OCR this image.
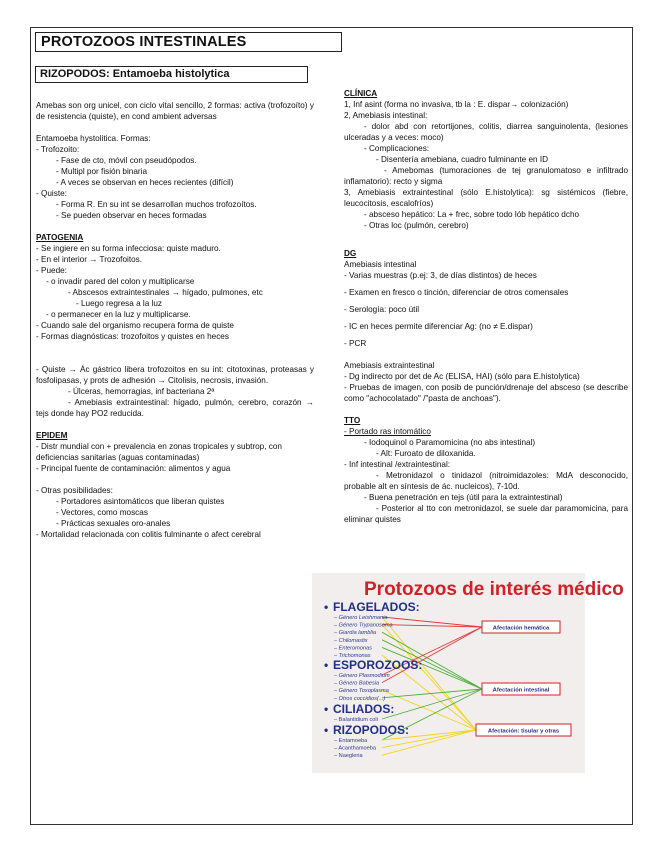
PROTOZOOS INTESTINALES
RIZOPODOS: Entamoeba histolytica

Amebas son org unicel, con ciclo vital sencillo, 2 formas: activa (trofozoíto) y de resistencia (quiste), en cond ambient adversas

Entamoeba hystolitica. Formas:

- Trofozoito:

- Fase de cto, móvil con pseudópodos.

- Multipl por fisión binaria

- A veces se observan en heces recientes (difícil)

- Quiste:

- Forma R. En su int se desarrollan muchos trofozoítos.

- Se pueden observar en heces formadas

PATOGENIA

- Se ingiere en su forma infecciosa: quiste maduro.

- En el interior → Trozofoitos.

- Puede:

- o invadir pared del colon y multiplicarse

- Abscesos extraintestinales → hígado, pulmones, etc

- Luego regresa a la luz

- o permanecer en la luz y multiplicarse.

- Cuando sale del organismo recupera forma de quiste

- Formas diagnósticas: trozofoitos y quistes en heces

- Quiste → Ác gástrico libera trofozoitos en su int: citotoxinas, proteasas y fosfolipasas, y prots de adhesión → Citolisis, necrosis, invasión.

- Úlceras, hemorragias, inf bacteriana 2ª

- Amebiasis extraintestinal: hígado, pulmón, cerebro, corazón → tejs donde hay PO2 reducida.

EPIDEM

- Distr mundial con + prevalencia en zonas tropicales y subtrop, con deficiencias sanitarias (aguas contaminadas)

- Principal fuente de contaminación: alimentos y agua

- Otras posibilidades:

- Portadores asintomáticos que liberan quistes

- Vectores, como moscas

- Prácticas sexuales oro-anales

- Mortalidad relacionada con colitis fulminante o afect cerebral

CLÍNICA

1, Inf asint (forma no invasiva, tb la : E. dispar→ colonización)

2, Amebiasis intestinal:

- dolor abd con retortijones, colitis, diarrea sanguinolenta, (lesiones ulceradas y a veces: moco)

- Complicaciones:

- Disentería amebiana, cuadro fulminante en ID

- Amebomas (tumoraciones de tej granulomatoso e infiltrado inflamatorio): recto y sigma

3, Amebiasis extraintestinal (sólo E.histolytica): sg sistémicos (fiebre, leucocitosis, escalofríos)

- absceso hepático: La + frec, sobre todo lób hepático dcho

- Otras loc (pulmón, cerebro)

DG

Amebiasis intestinal

- Varias muestras (p.ej: 3, de días distintos) de heces

- Examen en fresco o tinción, diferenciar de otros comensales

- Serología: poco útil

- IC en heces permite diferenciar Ag: (no ≠ E.dispar)

- PCR

Amebiasis extraintestinal

- Dg indirecto por det de Ac (ELISA, HAI) (sólo para E.histolytica)

- Pruebas de imagen, con posib de punción/drenaje del absceso (se describe como "achocolatado" /"pasta de anchoas").

TTO

- Portado ras intomático

- Iodoquinol o Paramomicina (no abs intestinal)

- Alt: Furoato de diloxanida.

- Inf intestinal /extraintestinal:

- Metronidazol o tinidazol (nitroimidazoles: MdA desconocido, probable alt en síntesis de ác. nucleicos), 7-10d.

- Buena penetración en tejs (útil para la extraintestinal)

- Posterior al tto con metronidazol, se suele dar paramomicina, para eliminar quistes

Protozoos de interés médico
• FLAGELADOS:
– Género Leishmania
– Género Trypanosoma
– Giardia lamblia
– Chilomastix
– Enteromonas
– Trichomonas
• ESPOROZOOS:
– Género Plasmodium
– Género Babesia
– Género Toxoplasma
– Otros coccidios(...)
• CILIADOS:
– Balantidium coli
• RIZOPODOS:
– Entamoeba
– Acanthamoeba
– Naegleria
Afectación hemática
Afectación intestinal
Afectación: tisular y otras
